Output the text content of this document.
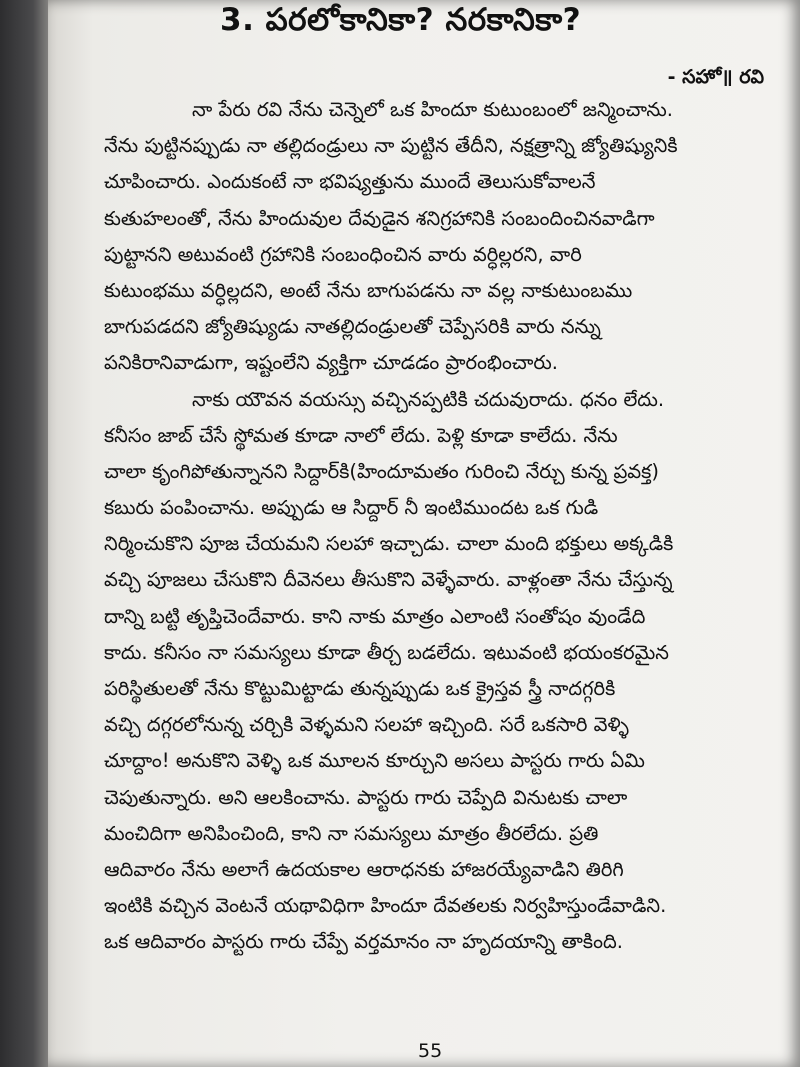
3. పరలోకానికా? నరకానికా?
- సహో॥ రవి
నా పేరు రవి నేను చెన్నెలో ఒక హిందూ కుటుంబంలో జన్మించాను.
నేను పుట్టినప్పుడు నా తల్లిదండ్రులు నా పుట్టిన తేదీని, నక్షత్రాన్ని జ్యోతిష్యునికి
చూపించారు. ఎందుకంటే నా భవిష్యత్తును ముందే తెలుసుకోవాలనే
కుతుహలంతో, నేను హిందువుల దేవుడైన శనిగ్రహానికి సంబందించినవాడిగా
పుట్టానని అటువంటి గ్రహానికి సంబంధించిన వారు వర్ధిల్లరని, వారి
కుటుంభము వర్ధిల్లదని, అంటే నేను బాగుపడను నా వల్ల నాకుటుంబము
బాగుపడదని జ్యోతిష్యుడు నాతల్లిదండ్రులతో చెప్పేసరికి వారు నన్ను
పనికిరానివాడుగా, ఇష్టంలేని వ్యక్తిగా చూడడం ప్రారంభించారు.
నాకు యౌవన వయస్సు వచ్చినప్పటికి చదువురాదు. ధనం లేదు.
కనీసం జాబ్ చేసే స్థోమత కూడా నాలో లేదు. పెళ్లి కూడా కాలేదు. నేను
చాలా కృంగిపోతున్నానని సిద్దార్‌కి(హిందూమతం గురించి నేర్చు కున్న ప్రవక్త)
కబురు పంపించాను. అప్పుడు ఆ సిద్దార్ నీ ఇంటిముందట ఒక గుడి
నిర్మించుకొని పూజ చేయమని సలహా ఇచ్చాడు. చాలా మంది భక్తులు అక్కడికి
వచ్చి పూజలు చేసుకొని దీవెనలు తీసుకొని వెళ్ళేవారు. వాళ్లంతా నేను చేస్తున్న
దాన్ని బట్టి తృప్తిచెందేవారు. కాని నాకు మాత్రం ఎలాంటి సంతోషం వుండేది
కాదు. కనీసం నా సమస్యలు కూడా తీర్చ బడలేదు. ఇటువంటి భయంకరమైన
పరిస్థితులతో నేను కొట్టుమిట్టాడు తున్నప్పుడు ఒక క్రైస్తవ స్త్రీ నాదగ్గరికి
వచ్చి దగ్గరలోనున్న చర్చికి వెళ్ళమని సలహా ఇచ్చింది. సరే ఒకసారి వెళ్ళి
చూద్దాం! అనుకొని వెళ్ళి ఒక మూలన కూర్చుని అసలు పాస్టరు గారు ఏమి
చెపుతున్నారు. అని ఆలకించాను. పాస్టరు గారు చెప్పేది వినుటకు చాలా
మంచిదిగా అనిపించింది, కాని నా సమస్యలు మాత్రం తీరలేదు. ప్రతి
ఆదివారం నేను అలాగే ఉదయకాల ఆరాధనకు హాజరయ్యేవాడిని తిరిగి
ఇంటికి వచ్చిన వెంటనే యథావిధిగా హిందూ దేవతలకు నిర్వహిస్తుండేవాడిని.
ఒక ఆదివారం పాస్టరు గారు చేప్పే వర్తమానం నా హృదయాన్ని తాకింది.
55
